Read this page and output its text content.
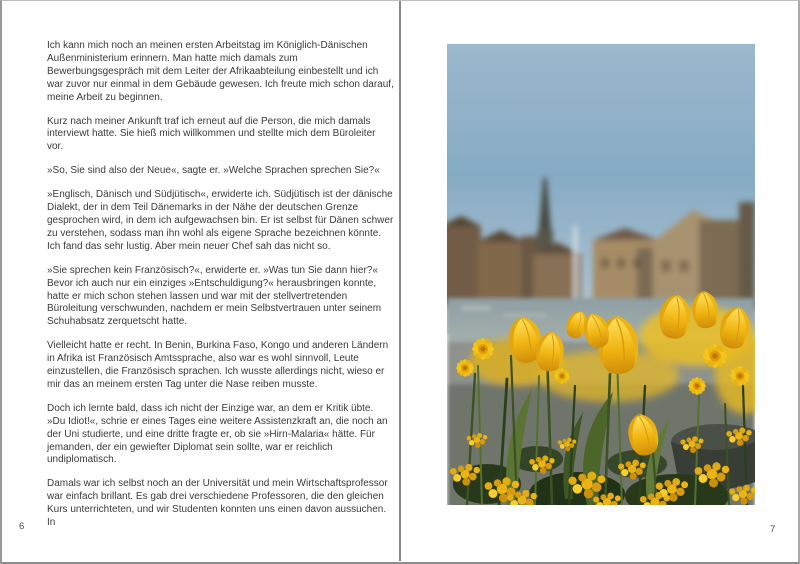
Ich kann mich noch an meinen ersten Arbeitstag im Königlich-Dänischen Außenministerium erinnern. Man hatte mich damals zum Bewerbungsgespräch mit dem Leiter der Afrikaabteilung einbestellt und ich war zuvor nur einmal in dem Gebäude gewesen. Ich freute mich schon darauf, meine Arbeit zu beginnen.

Kurz nach meiner Ankunft traf ich erneut auf die Person, die mich damals interviewt hatte. Sie hieß mich willkommen und stellte mich dem Büroleiter vor.

»So, Sie sind also der Neue«, sagte er. »Welche Sprachen sprechen Sie?«

»Englisch, Dänisch und Südjütisch«, erwiderte ich. Südjütisch ist der dänische Dialekt, der in dem Teil Dänemarks in der Nähe der deutschen Grenze gesprochen wird, in dem ich aufgewachsen bin. Er ist selbst für Dänen schwer zu verstehen, sodass man ihn wohl als eigene Sprache bezeichnen könnte. Ich fand das sehr lustig. Aber mein neuer Chef sah das nicht so.

»Sie sprechen kein Französisch?«, erwiderte er. »Was tun Sie dann hier?« Bevor ich auch nur ein einziges »Entschuldigung?« herausbringen konnte, hatte er mich schon stehen lassen und war mit der stellvertretenden Büroleitung verschwunden, nachdem er mein Selbstvertrauen unter seinem Schuhabsatz zerquetscht hatte.

Vielleicht hatte er recht. In Benin, Burkina Faso, Kongo und anderen Ländern in Afrika ist Französisch Amtssprache, also war es wohl sinnvoll, Leute einzustellen, die Französisch sprachen. Ich wusste allerdings nicht, wieso er mir das an meinem ersten Tag unter die Nase reiben musste.

Doch ich lernte bald, dass ich nicht der Einzige war, an dem er Kritik übte. »Du Idiot!«, schrie er eines Tages eine weitere Assistenzkraft an, die noch an der Uni studierte, und eine dritte fragte er, ob sie »Hirn-Malaria« hätte. Für jemanden, der ein gewiefter Diplomat sein sollte, war er reichlich undiplomatisch.

Damals war ich selbst noch an der Universität und mein Wirtschaftsprofessor war einfach brillant. Es gab drei verschiedene Professoren, die den gleichen Kurs unterrichteten, und wir Studenten konnten uns einen davon aussuchen. In

6	7
